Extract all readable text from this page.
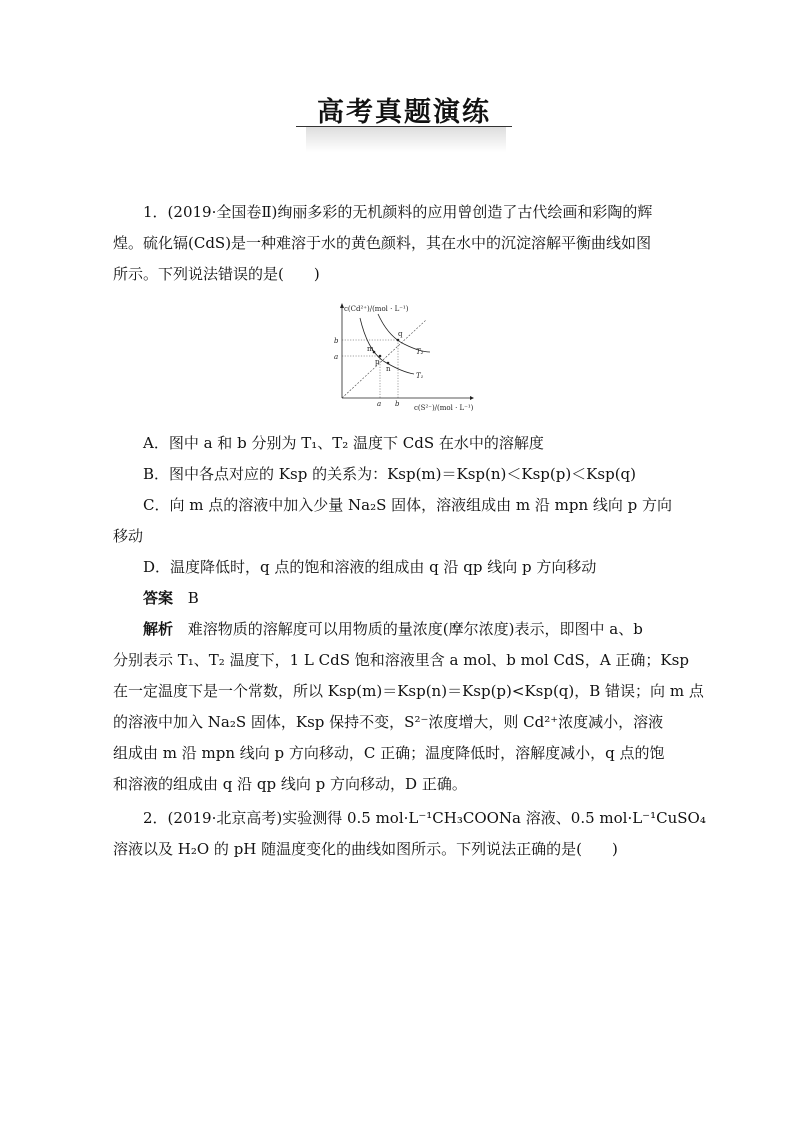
高考真题演练
1．(2019·全国卷Ⅱ)绚丽多彩的无机颜料的应用曾创造了古代绘画和彩陶的辉
煌。硫化镉(CdS)是一种难溶于水的黄色颜料，其在水中的沉淀溶解平衡曲线如图
所示。下列说法错误的是(　　)
c(Cd²⁺)/(mol · L⁻¹)
c(S²⁻)/(mol · L⁻¹)
b
a
a b
m
p
n
q
T₂
T₁
A．图中 a 和 b 分别为 T₁、T₂ 温度下 CdS 在水中的溶解度
B．图中各点对应的 Ksp 的关系为：Ksp(m)＝Ksp(n)＜Ksp(p)＜Ksp(q)
C．向 m 点的溶液中加入少量 Na₂S 固体，溶液组成由 m 沿 mpn 线向 p 方向
移动
D．温度降低时，q 点的饱和溶液的组成由 q 沿 qp 线向 p 方向移动
答案 B
解析 难溶物质的溶解度可以用物质的量浓度(摩尔浓度)表示，即图中 a、b
分别表示 T₁、T₂ 温度下，1 L CdS 饱和溶液里含 a mol、b mol CdS，A 正确；Ksp
在一定温度下是一个常数，所以 Ksp(m)＝Ksp(n)＝Ksp(p)<Ksp(q)，B 错误；向 m 点
的溶液中加入 Na₂S 固体，Ksp 保持不变，S²⁻浓度增大，则 Cd²⁺浓度减小，溶液
组成由 m 沿 mpn 线向 p 方向移动，C 正确；温度降低时，溶解度减小，q 点的饱
和溶液的组成由 q 沿 qp 线向 p 方向移动，D 正确。
2．(2019·北京高考)实验测得 0.5 mol·L⁻¹CH₃COONa 溶液、0.5 mol·L⁻¹CuSO₄
溶液以及 H₂O 的 pH 随温度变化的曲线如图所示。下列说法正确的是(　　)
